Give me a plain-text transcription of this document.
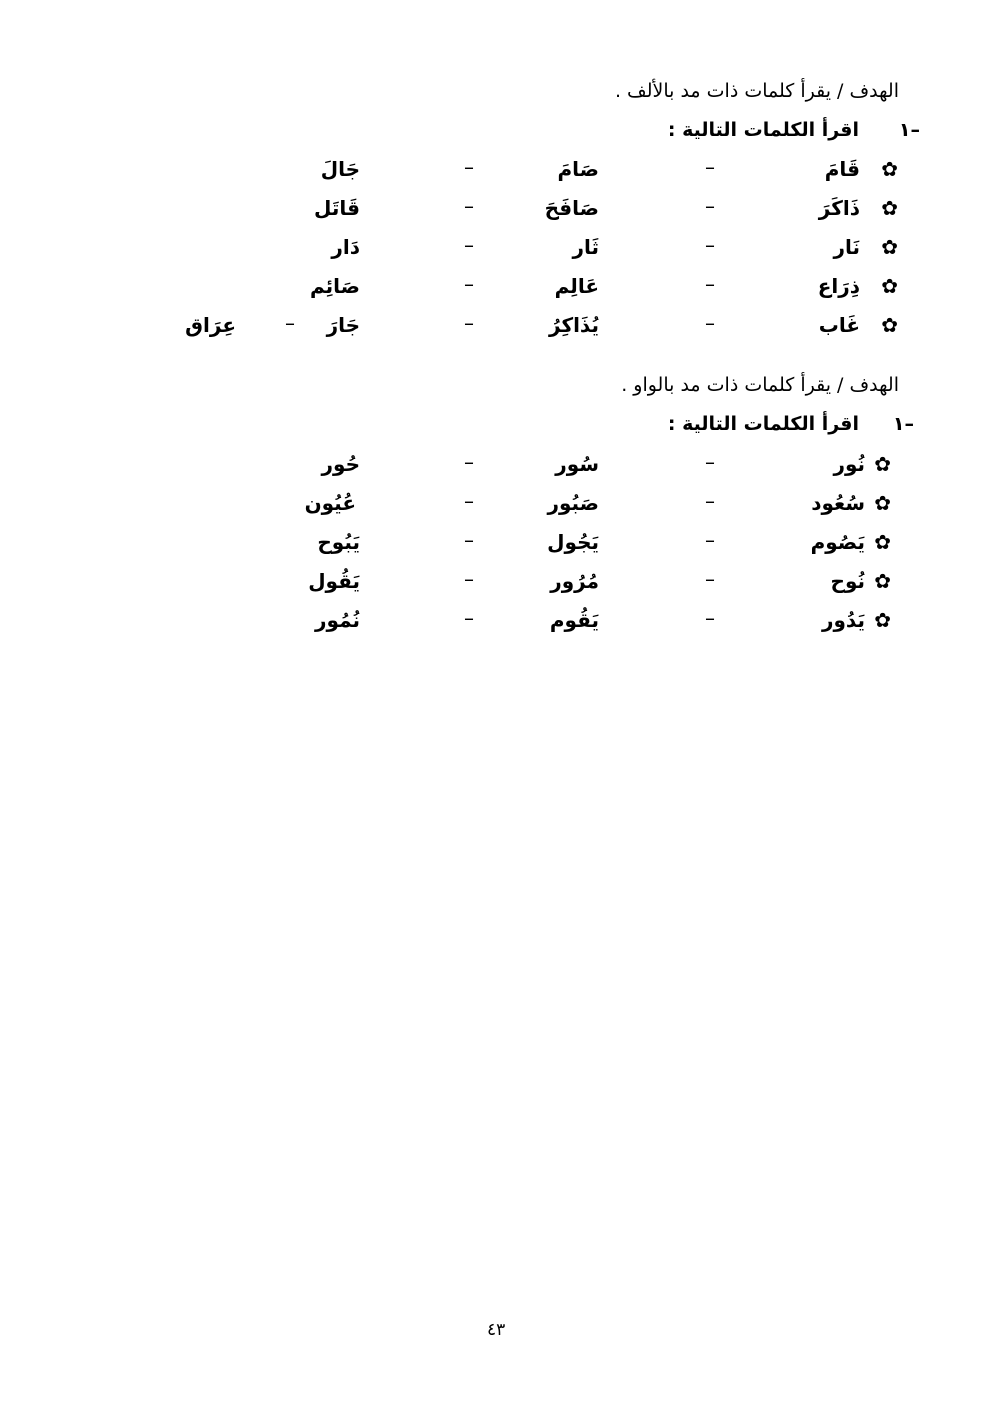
الهدف / يقرأ كلمات ذات مد بالألف .
١–
اقرأ الكلمات التالية :
✿
قَامَ
–
صَامَ
–
جَالَ
✿
ذَاكَرَ
–
صَافَحَ
–
قَاتَل
✿
نَار
–
ثَار
–
دَار
✿
ذِرَاع
–
عَالِم
–
صَائِم
✿
غَاب
–
يُذَاكِرُ
–
جَارَ
–
عِرَاق
الهدف / يقرأ كلمات ذات مد بالواو .
١–
اقرأ الكلمات التالية :
✿
نُور
–
سُور
–
حُور
✿
سُعُود
–
صَبُور
–
عُيُون
✿
يَصُوم
–
يَجُول
–
يَبُوح
✿
نُوح
–
مُرُور
–
يَقُول
✿
يَدُور
–
يَقُوم
–
نُمُور
٤٣
